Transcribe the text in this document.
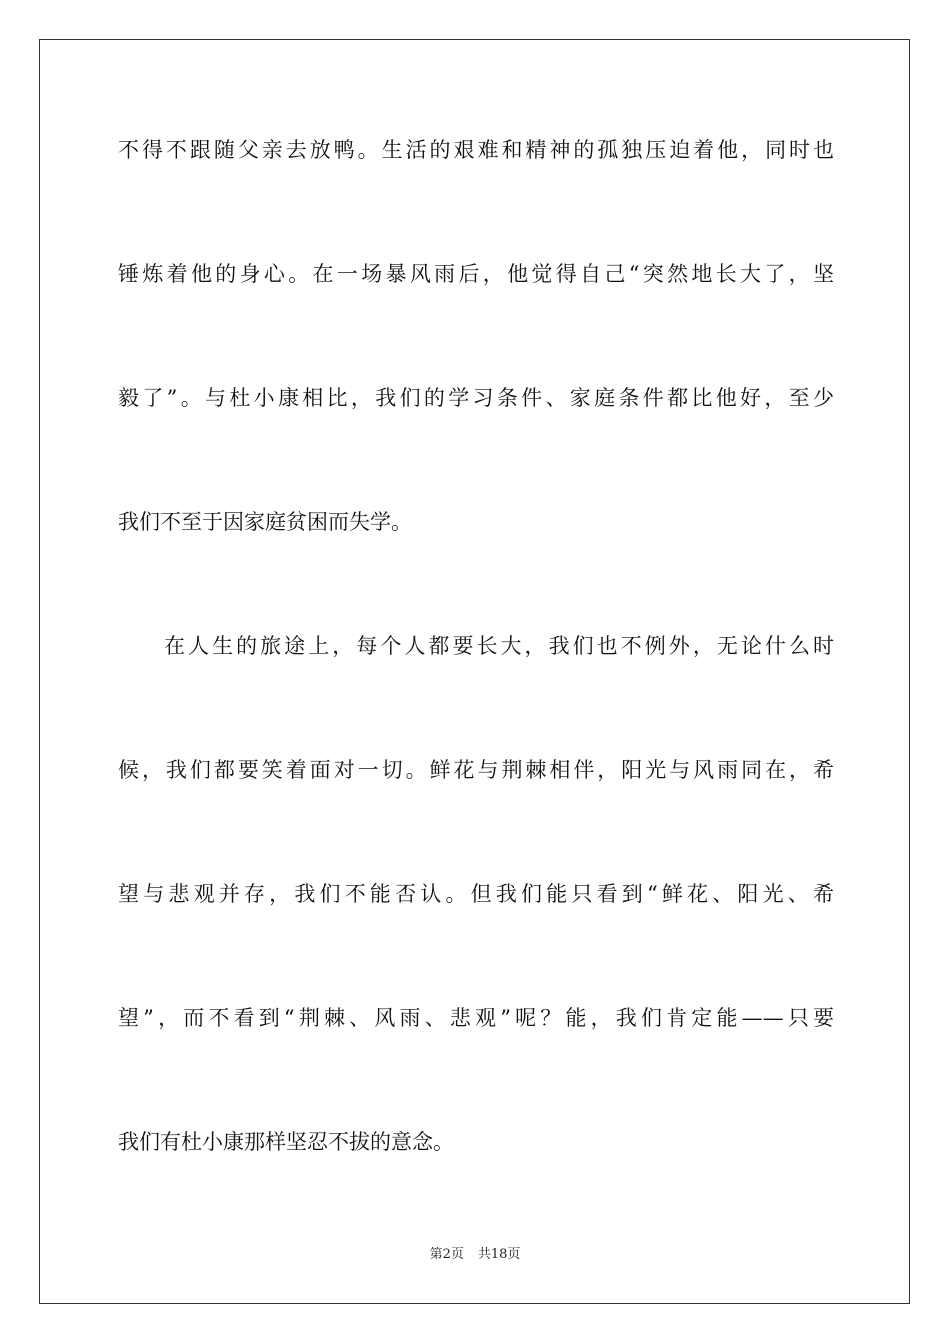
不得不跟随父亲去放鸭。生活的艰难和精神的孤独压迫着他，同时也
锤炼着他的身心。在一场暴风雨后，他觉得自己“突然地长大了，坚
毅了”。与杜小康相比，我们的学习条件、家庭条件都比他好，至少
我们不至于因家庭贫困而失学。
在人生的旅途上，每个人都要长大，我们也不例外，无论什么时
候，我们都要笑着面对一切。鲜花与荆棘相伴，阳光与风雨同在，希
望与悲观并存，我们不能否认。但我们能只看到“鲜花、阳光、希
望”，而不看到“荆棘、风雨、悲观”呢？能，我们肯定能——只要
我们有杜小康那样坚忍不拔的意念。
第2页 共18页
